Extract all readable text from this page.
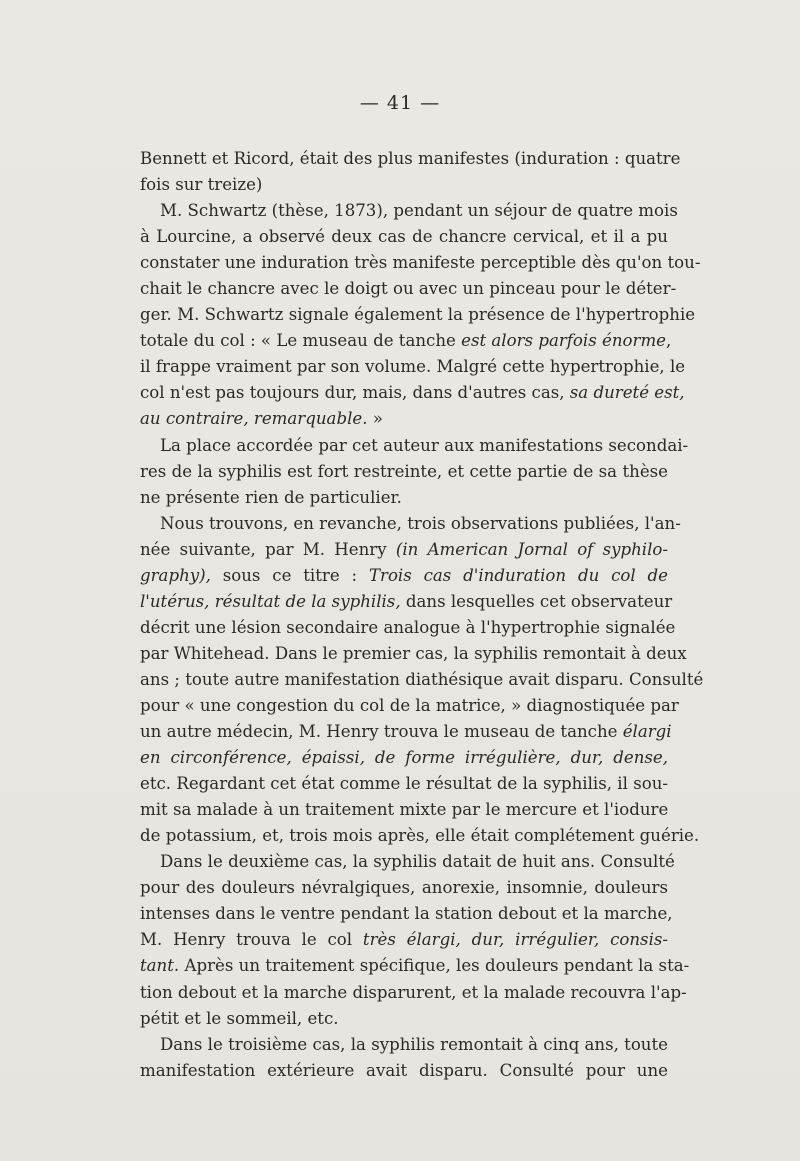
— 41 —
Bennett et Ricord, était des plus manifestes (induration : quatre
fois sur treize)
M. Schwartz (thèse, 1873), pendant un séjour de quatre mois
à Lourcine, a observé deux cas de chancre cervical, et il a pu
constater une induration très manifeste perceptible dès qu'on tou-
chait le chancre avec le doigt ou avec un pinceau pour le déter-
ger. M. Schwartz signale également la présence de l'hypertrophie
totale du col : « Le museau de tanche est alors parfois énorme,
il frappe vraiment par son volume. Malgré cette hypertrophie, le
col n'est pas toujours dur, mais, dans d'autres cas, sa dureté est,
au contraire, remarquable. »
La place accordée par cet auteur aux manifestations secondai-
res de la syphilis est fort restreinte, et cette partie de sa thèse
ne présente rien de particulier.
Nous trouvons, en revanche, trois observations publiées, l'an-
née suivante, par M. Henry (in American Jornal of syphilo-
graphy), sous ce titre : Trois cas d'induration du col de
l'utérus, résultat de la syphilis, dans lesquelles cet observateur
décrit une lésion secondaire analogue à l'hypertrophie signalée
par Whitehead. Dans le premier cas, la syphilis remontait à deux
ans ; toute autre manifestation diathésique avait disparu. Consulté
pour « une congestion du col de la matrice, » diagnostiquée par
un autre médecin, M. Henry trouva le museau de tanche élargi
en circonférence, épaissi, de forme irrégulière, dur, dense,
etc. Regardant cet état comme le résultat de la syphilis, il sou-
mit sa malade à un traitement mixte par le mercure et l'iodure
de potassium, et, trois mois après, elle était complétement guérie.
Dans le deuxième cas, la syphilis datait de huit ans. Consulté
pour des douleurs névralgiques, anorexie, insomnie, douleurs
intenses dans le ventre pendant la station debout et la marche,
M. Henry trouva le col très élargi, dur, irrégulier, consis-
tant. Après un traitement spécifique, les douleurs pendant la sta-
tion debout et la marche disparurent, et la malade recouvra l'ap-
pétit et le sommeil, etc.
Dans le troisième cas, la syphilis remontait à cinq ans, toute
manifestation extérieure avait disparu. Consulté pour une
